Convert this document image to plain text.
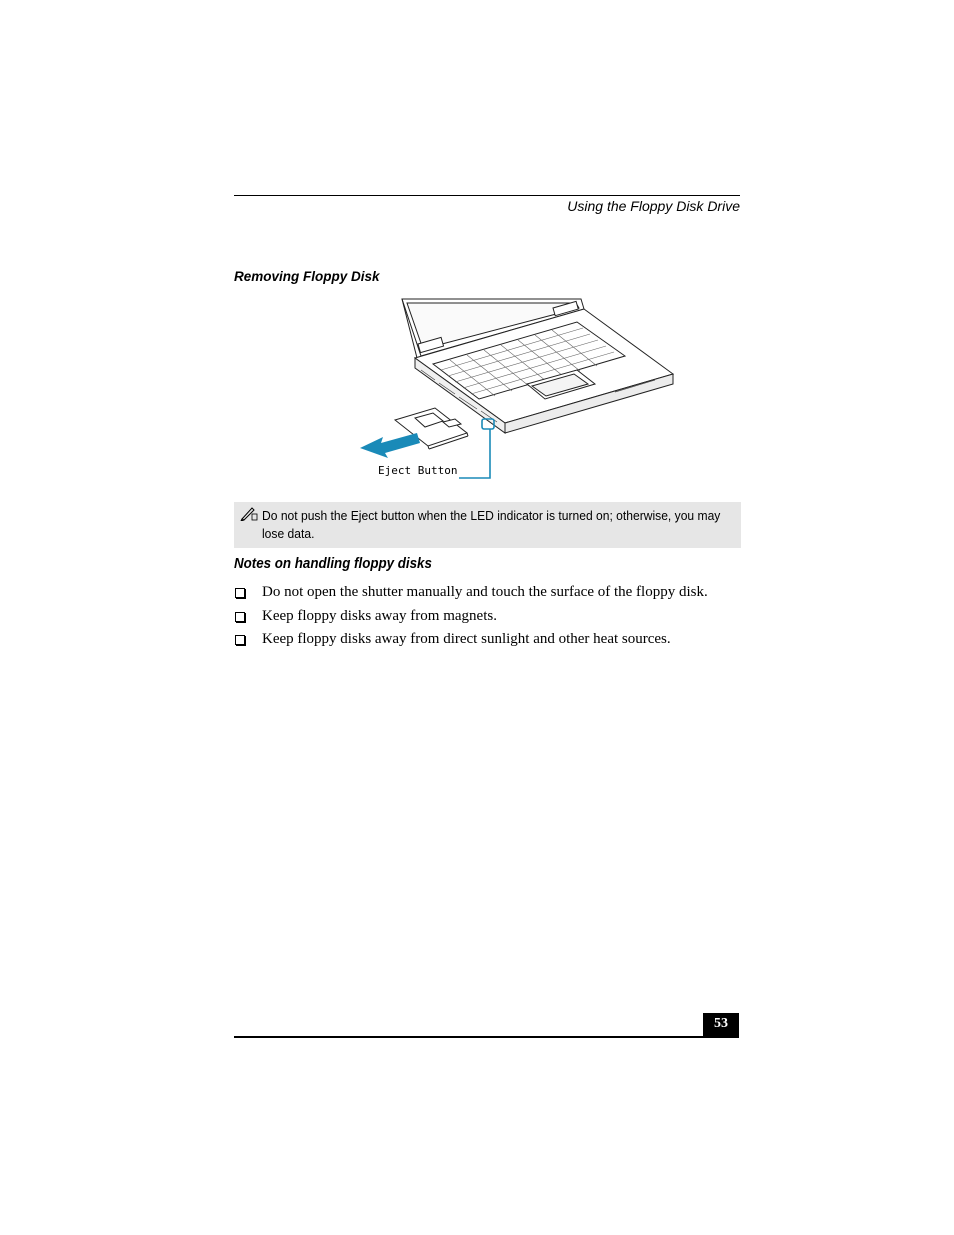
Using the Floppy Disk Drive
Removing Floppy Disk
Eject Button
Do not push the Eject button when the LED indicator is turned on; otherwise, you may lose data.
Notes on handling floppy disks
Do not open the shutter manually and touch the surface of the floppy disk.
Keep floppy disks away from magnets.
Keep floppy disks away from direct sunlight and other heat sources.
53
